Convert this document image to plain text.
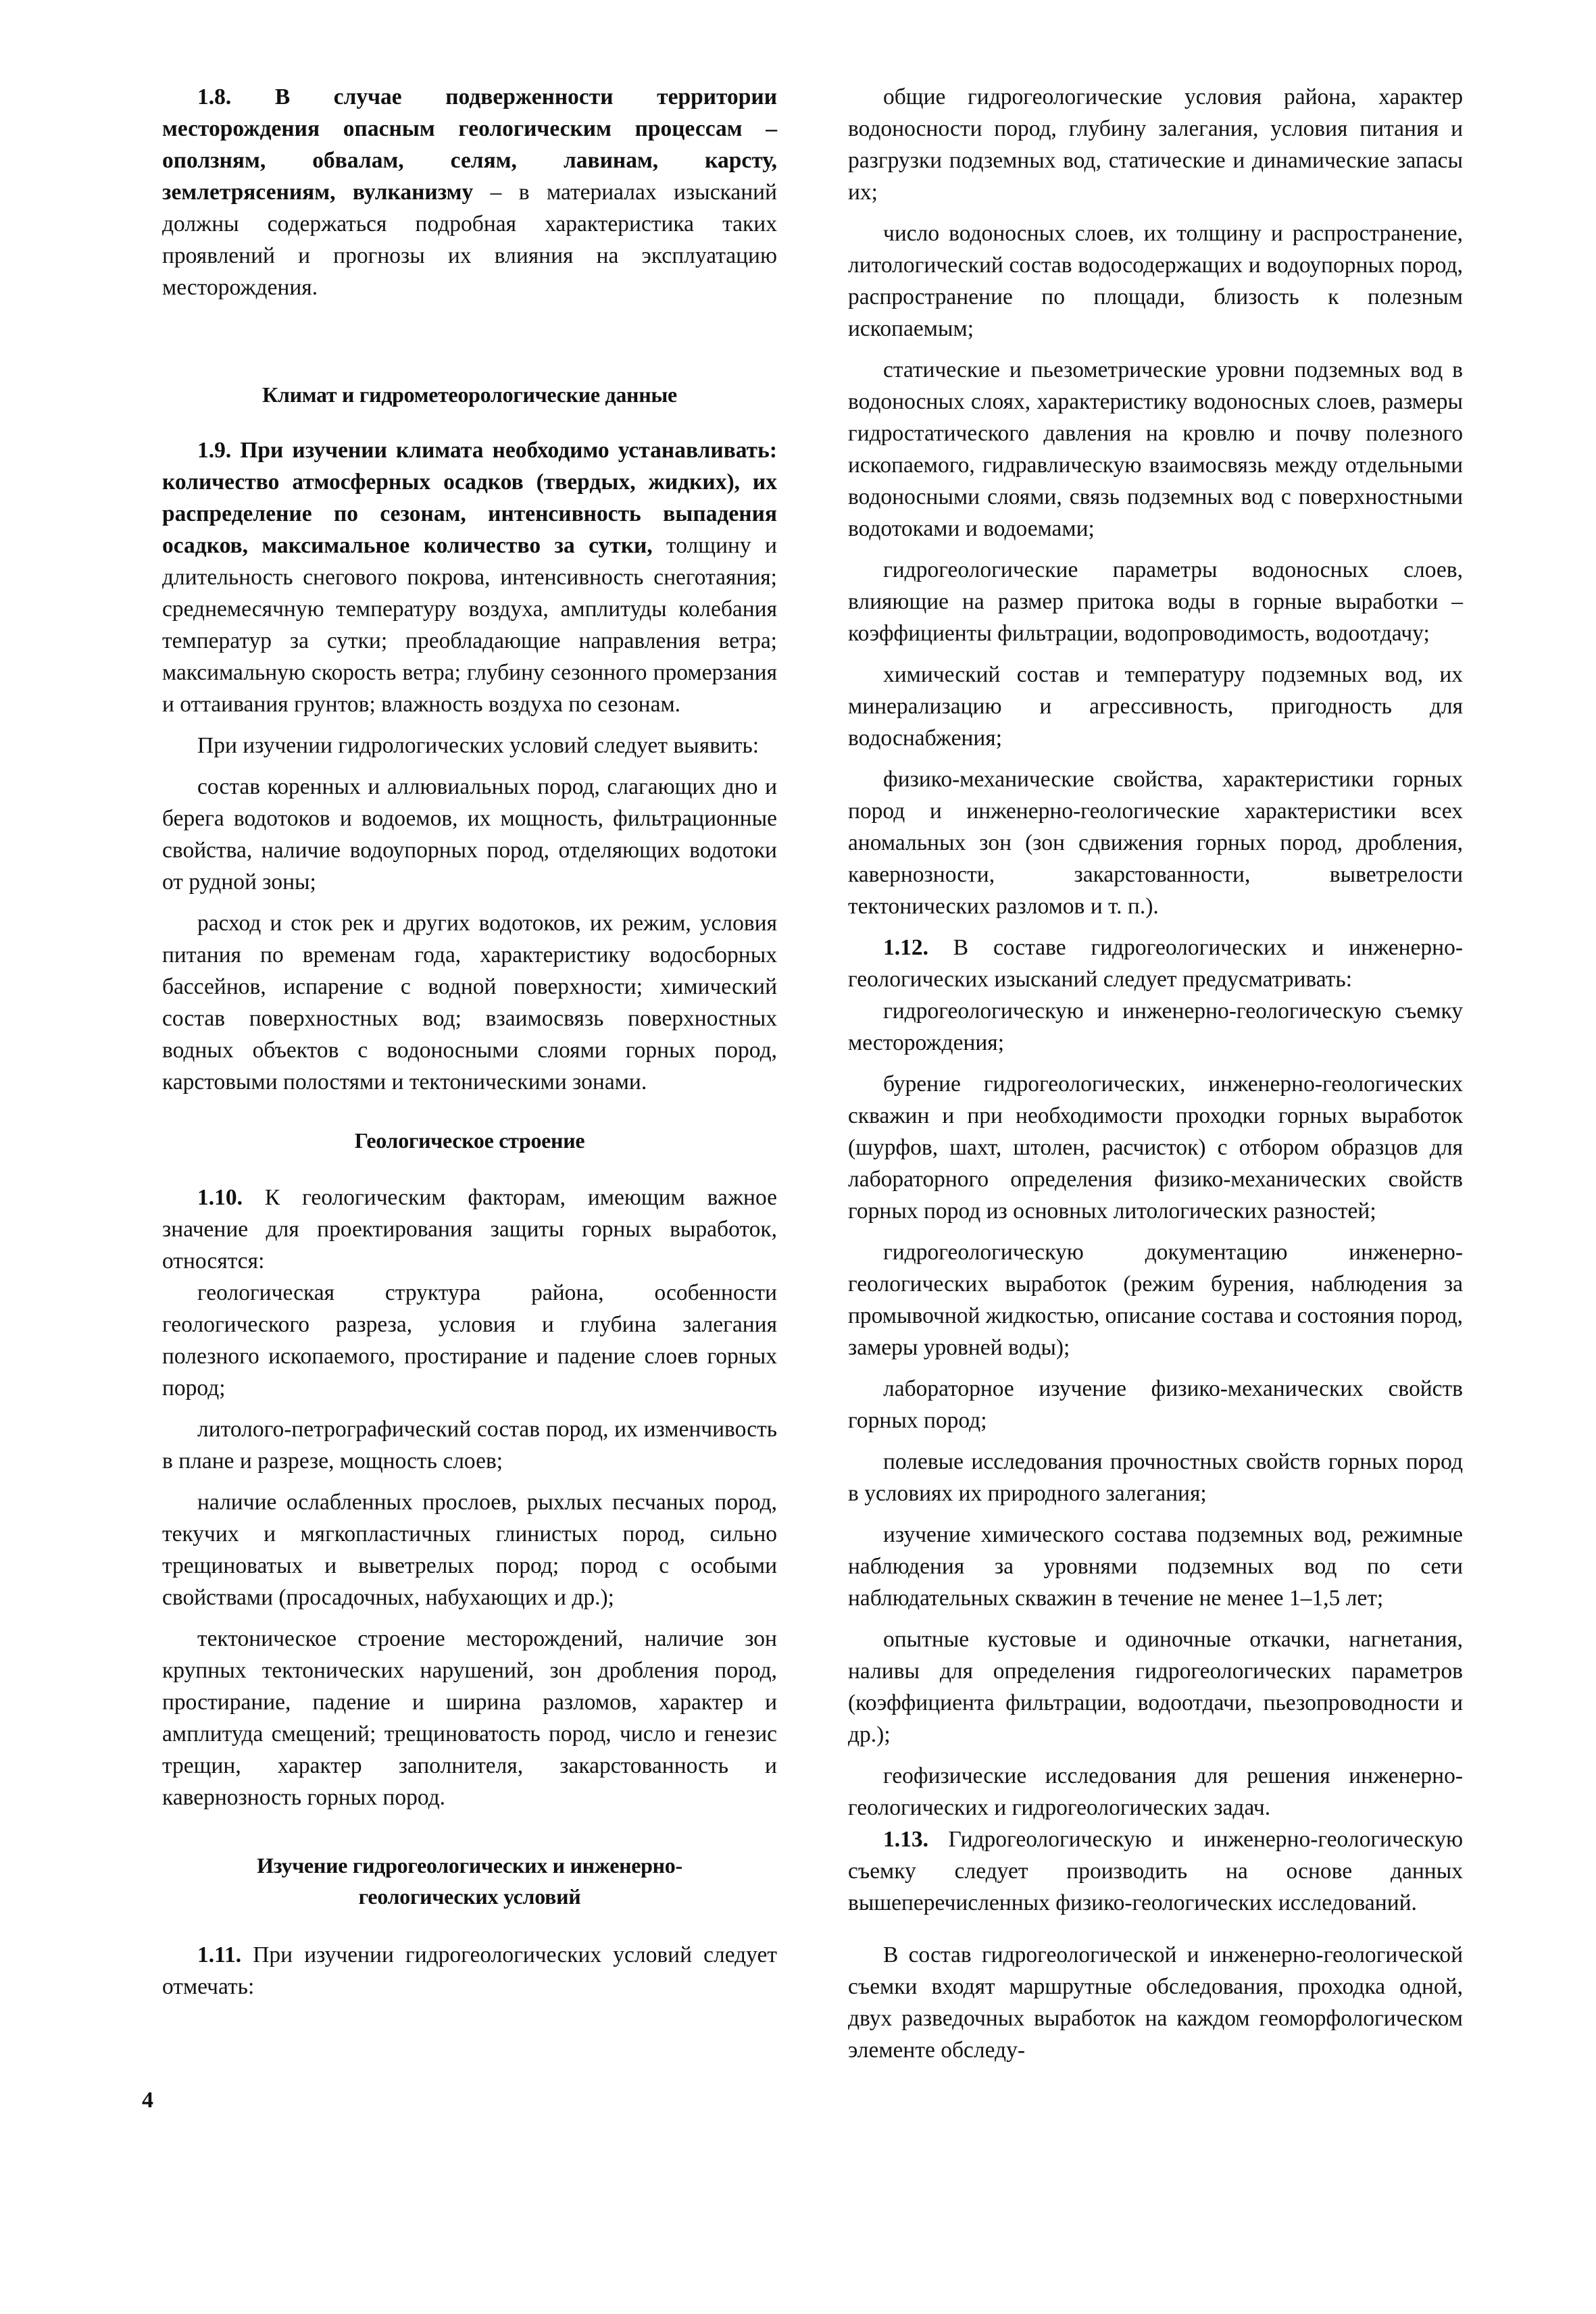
1.8. В случае подверженности территории месторождения опасным геологическим процессам – оползням, обвалам, селям, лавинам, карсту, землетрясениям, вулканизму – в материалах изысканий должны содержаться подробная характеристика таких проявлений и прогнозы их влияния на эксплуатацию месторождения.

Климат и гидрометеорологические данные

1.9. При изучении климата необходимо устанавливать: количество атмосферных осадков (твердых, жидких), их распределение по сезонам, интенсивность выпадения осадков, максимальное количество за сутки, толщину и длительность снегового покрова, интенсивность снеготаяния; среднемесячную температуру воздуха, амплитуды колебания температур за сутки; преобладающие направления ветра; максимальную скорость ветра; глубину сезонного промерзания и оттаивания грунтов; влажность воздуха по сезонам.

При изучении гидрологических условий следует выявить:

состав коренных и аллювиальных пород, слагающих дно и берега водотоков и водоемов, их мощность, фильтрационные свойства, наличие водоупорных пород, отделяющих водотоки от рудной зоны;

расход и сток рек и других водотоков, их режим, условия питания по временам года, характеристику водосборных бассейнов, испарение с водной поверхности; химический состав поверхностных вод; взаимосвязь поверхностных водных объектов с водоносными слоями горных пород, карстовыми полостями и тектоническими зонами.

Геологическое строение

1.10. К геологическим факторам, имеющим важное значение для проектирования защиты горных выработок, относятся:

геологическая структура района, особенности геологического разреза, условия и глубина залегания полезного ископаемого, простирание и падение слоев горных пород;

литолого-петрографический состав пород, их изменчивость в плане и разрезе, мощность слоев;

наличие ослабленных прослоев, рыхлых песчаных пород, текучих и мягкопластичных глинистых пород, сильно трещиноватых и выветрелых пород; пород с особыми свойствами (просадочных, набухающих и др.);

тектоническое строение месторождений, наличие зон крупных тектонических нарушений, зон дробления пород, простирание, падение и ширина разломов, характер и амплитуда смещений; трещиноватость пород, число и генезис трещин, характер заполнителя, закарстованность и кавернозность горных пород.

Изучение гидрогеологических и инженерно-геологических условий

1.11. При изучении гидрогеологических условий следует отмечать:

общие гидрогеологические условия района, характер водоносности пород, глубину залегания, условия питания и разгрузки подземных вод, статические и динамические запасы их;

число водоносных слоев, их толщину и распространение, литологический состав водосодержащих и водоупорных пород, распространение по площади, близость к полезным ископаемым;

статические и пьезометрические уровни подземных вод в водоносных слоях, характеристику водоносных слоев, размеры гидростатического давления на кровлю и почву полезного ископаемого, гидравлическую взаимосвязь между отдельными водоносными слоями, связь подземных вод с поверхностными водотоками и водоемами;

гидрогеологические параметры водоносных слоев, влияющие на размер притока воды в горные выработки – коэффициенты фильтрации, водопроводимость, водоотдачу;

химический состав и температуру подземных вод, их минерализацию и агрессивность, пригодность для водоснабжения;

физико-механические свойства, характеристики горных пород и инженерно-геологические характеристики всех аномальных зон (зон сдвижения горных пород, дробления, кавернозности, закарстованности, выветрелости тектонических разломов и т. п.).

1.12. В составе гидрогеологических и инженерно-геологических изысканий следует предусматривать:

гидрогеологическую и инженерно-геологическую съемку месторождения;

бурение гидрогеологических, инженерно-геологических скважин и при необходимости проходки горных выработок (шурфов, шахт, штолен, расчисток) с отбором образцов для лабораторного определения физико-механических свойств горных пород из основных литологических разностей;

гидрогеологическую документацию инженерно-геологических выработок (режим бурения, наблюдения за промывочной жидкостью, описание состава и состояния пород, замеры уровней воды);

лабораторное изучение физико-механических свойств горных пород;

полевые исследования прочностных свойств горных пород в условиях их природного залегания;

изучение химического состава подземных вод, режимные наблюдения за уровнями подземных вод по сети наблюдательных скважин в течение не менее 1–1,5 лет;

опытные кустовые и одиночные откачки, нагнетания, наливы для определения гидрогеологических параметров (коэффициента фильтрации, водоотдачи, пьезопроводности и др.);

геофизические исследования для решения инженерно-геологических и гидрогеологических задач.

1.13. Гидрогеологическую и инженерно-геологическую съемку следует производить на основе данных вышеперечисленных физико-геологических исследований.

В состав гидрогеологической и инженерно-геологической съемки входят маршрутные обследования, проходка одной, двух разведочных выработок на каждом геоморфологическом элементе обследу-

4
